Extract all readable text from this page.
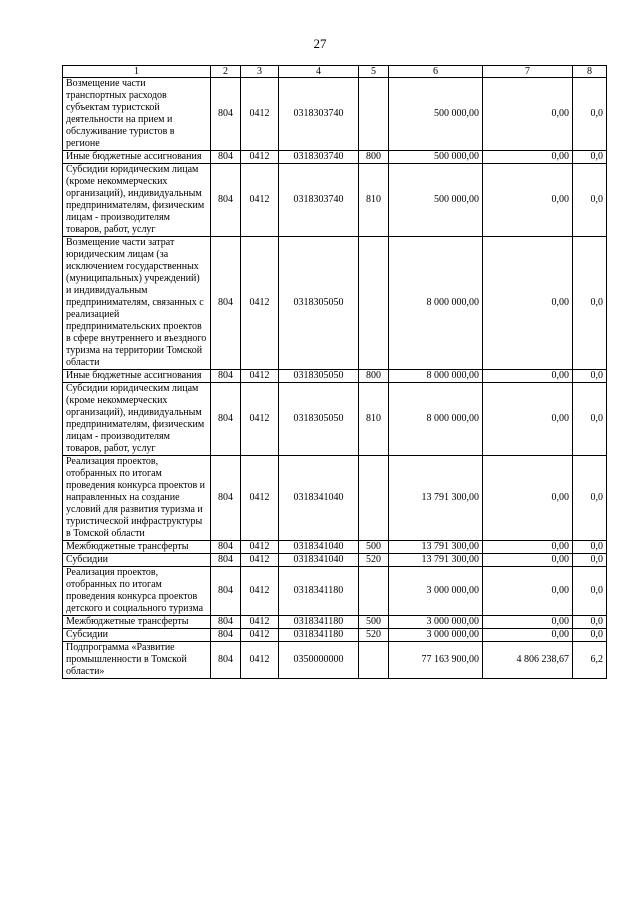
27
1	2	3	4	5	6	7	8
Возмещение части транспортных расходов субъектам туристской деятельности на прием и обслуживание туристов в регионе	804	0412	0318303740		500 000,00	0,00	0,0
Иные бюджетные ассигнования	804	0412	0318303740	800	500 000,00	0,00	0,0
Субсидии юридическим лицам (кроме некоммерческих организаций), индивидуальным предпринимателям, физическим лицам - производителям товаров, работ, услуг	804	0412	0318303740	810	500 000,00	0,00	0,0
Возмещение части затрат юридическим лицам (за исключением государственных (муниципальных) учреждений) и индивидуальным предпринимателям, связанных с реализацией предпринимательских проектов в сфере внутреннего и въездного туризма на территории Томской области	804	0412	0318305050		8 000 000,00	0,00	0,0
Иные бюджетные ассигнования	804	0412	0318305050	800	8 000 000,00	0,00	0,0
Субсидии юридическим лицам (кроме некоммерческих организаций), индивидуальным предпринимателям, физическим лицам - производителям товаров, работ, услуг	804	0412	0318305050	810	8 000 000,00	0,00	0,0
Реализация проектов, отобранных по итогам проведения конкурса проектов и направленных на создание условий для развития туризма и туристической инфраструктуры в Томской области	804	0412	0318341040		13 791 300,00	0,00	0,0
Межбюджетные трансферты	804	0412	0318341040	500	13 791 300,00	0,00	0,0
Субсидии	804	0412	0318341040	520	13 791 300,00	0,00	0,0
Реализация проектов, отобранных по итогам проведения конкурса проектов детского и социального туризма	804	0412	0318341180		3 000 000,00	0,00	0,0
Межбюджетные трансферты	804	0412	0318341180	500	3 000 000,00	0,00	0,0
Субсидии	804	0412	0318341180	520	3 000 000,00	0,00	0,0
Подпрограмма «Развитие промышленности в Томской области»	804	0412	0350000000		77 163 900,00	4 806 238,67	6,2
